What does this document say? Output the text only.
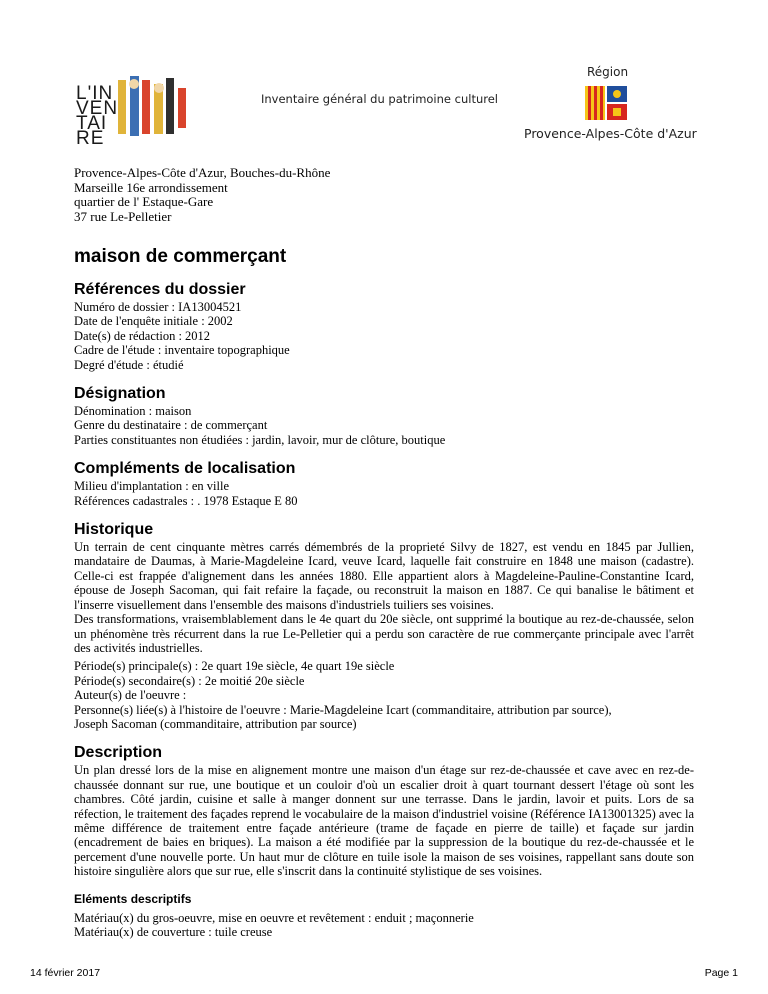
L'IN
VEN
TAI
RE
Inventaire général du patrimoine culturel
Région
Provence-Alpes-Côte d'Azur
Provence-Alpes-Côte d'Azur, Bouches-du-Rhône
Marseille 16e arrondissement
quartier de l' Estaque-Gare
37 rue Le-Pelletier
maison de commerçant
Références du dossier
Numéro de dossier : IA13004521
Date de l'enquête initiale : 2002
Date(s) de rédaction : 2012
Cadre de l'étude : inventaire topographique
Degré d'étude : étudié
Désignation
Dénomination : maison
Genre du destinataire : de commerçant
Parties constituantes non étudiées : jardin, lavoir, mur de clôture, boutique
Compléments de localisation
Milieu d'implantation : en ville
Références cadastrales : . 1978 Estaque E 80
Historique

Un terrain de cent cinquante mètres carrés démembrés de la proprieté Silvy de 1827, est vendu en 1845 par Jullien, mandataire de Daumas, à Marie-Magdeleine Icard, veuve Icard, laquelle fait construire en 1848 une maison (cadastre). Celle-ci est frappée d'alignement dans les années 1880. Elle appartient alors à Magdeleine-Pauline-Constantine Icard, épouse de Joseph Sacoman, qui fait refaire la façade, ou reconstruit la maison en 1887. Ce qui banalise le bâtiment et l'inserre visuellement dans l'ensemble des maisons d'industriels tuiliers ses voisines.

Des transformations, vraisemblablement dans le 4e quart du 20e siècle, ont supprimé la boutique au rez-de-chaussée, selon un phénomène très récurrent dans la rue Le-Pelletier qui a perdu son caractère de rue commerçante principale avec l'arrêt des activités industrielles.

Période(s) principale(s) : 2e quart 19e siècle, 4e quart 19e siècle
Période(s) secondaire(s) : 2e moitié 20e siècle
Auteur(s) de l'oeuvre :
Personne(s) liée(s) à l'histoire de l'oeuvre : Marie-Magdeleine Icart (commanditaire, attribution par source),
Joseph Sacoman (commanditaire, attribution par source)
Description

Un plan dressé lors de la mise en alignement montre une maison d'un étage sur rez-de-chaussée et cave avec en rez-de-chaussée donnant sur rue, une boutique et un couloir d'où un escalier droit à quart tournant dessert l'étage où sont les chambres. Côté jardin, cuisine et salle à manger donnent sur une terrasse. Dans le jardin, lavoir et puits. Lors de sa réfection, le traitement des façades reprend le vocabulaire de la maison d'industriel voisine (Référence IA13001325) avec la même différence de traitement entre façade antérieure (trame de façade en pierre de taille) et façade sur jardin (encadrement de baies en briques). La maison a été modifiée par la suppression de la boutique du rez-de-chaussée et le percement d'une nouvelle porte. Un haut mur de clôture en tuile isole la maison de ses voisines, rappellant sans doute son histoire singulière alors que sur rue, elle s'inscrit dans la continuité stylistique de ses voisines.

Eléments descriptifs
Matériau(x) du gros-oeuvre, mise en oeuvre et revêtement : enduit ; maçonnerie
Matériau(x) de couverture : tuile creuse
14 février 2017	Page 1
